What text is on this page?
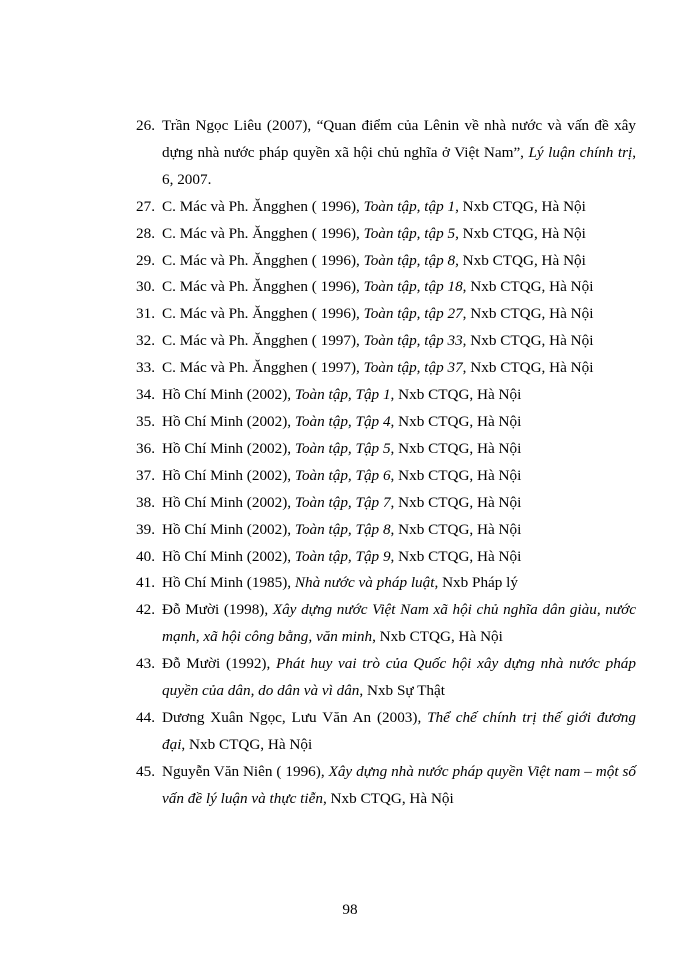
26. Trần Ngọc Liêu (2007), “Quan điểm của Lênin về nhà nước và vấn đề xây dựng nhà nước pháp quyền xã hội chủ nghĩa ở Việt Nam”, Lý luận chính trị, 6, 2007.
27. C. Mác và Ph. Ăngghen ( 1996), Toàn tập, tập 1, Nxb CTQG, Hà Nội
28. C. Mác và Ph. Ăngghen ( 1996), Toàn tập, tập 5, Nxb CTQG, Hà Nội
29. C. Mác và Ph. Ăngghen ( 1996), Toàn tập, tập 8, Nxb CTQG, Hà Nội
30. C. Mác và Ph. Ăngghen ( 1996), Toàn tập, tập 18, Nxb CTQG, Hà Nội
31. C. Mác và Ph. Ăngghen ( 1996), Toàn tập, tập 27, Nxb CTQG, Hà Nội
32. C. Mác và Ph. Ăngghen ( 1997), Toàn tập, tập 33, Nxb CTQG, Hà Nội
33. C. Mác và Ph. Ăngghen ( 1997), Toàn tập, tập 37, Nxb CTQG, Hà Nội
34. Hồ Chí Minh (2002), Toàn tập, Tập 1, Nxb CTQG, Hà Nội
35. Hồ Chí Minh (2002), Toàn tập, Tập 4, Nxb CTQG, Hà Nội
36. Hồ Chí Minh (2002), Toàn tập, Tập 5, Nxb CTQG, Hà Nội
37. Hồ Chí Minh (2002), Toàn tập, Tập 6, Nxb CTQG, Hà Nội
38. Hồ Chí Minh (2002), Toàn tập, Tập 7, Nxb CTQG, Hà Nội
39. Hồ Chí Minh (2002), Toàn tập, Tập 8, Nxb CTQG, Hà Nội
40. Hồ Chí Minh (2002), Toàn tập, Tập 9, Nxb CTQG, Hà Nội
41. Hồ Chí Minh (1985), Nhà nước và pháp luật, Nxb Pháp lý
42. Đỗ Mười (1998), Xây dựng nước Việt Nam xã hội chủ nghĩa dân giàu, nước mạnh, xã hội công bằng, văn minh, Nxb CTQG, Hà Nội
43. Đỗ Mười (1992), Phát huy vai trò của Quốc hội xây dựng nhà nước pháp quyền của dân, do dân và vì dân, Nxb Sự Thật
44. Dương Xuân Ngọc, Lưu Văn An (2003), Thể chế chính trị thế giới đương đại, Nxb CTQG, Hà Nội
45. Nguyễn Văn Niên ( 1996), Xây dựng nhà nước pháp quyền Việt nam – một số vấn đề lý luận và thực tiễn, Nxb CTQG, Hà Nội
98
